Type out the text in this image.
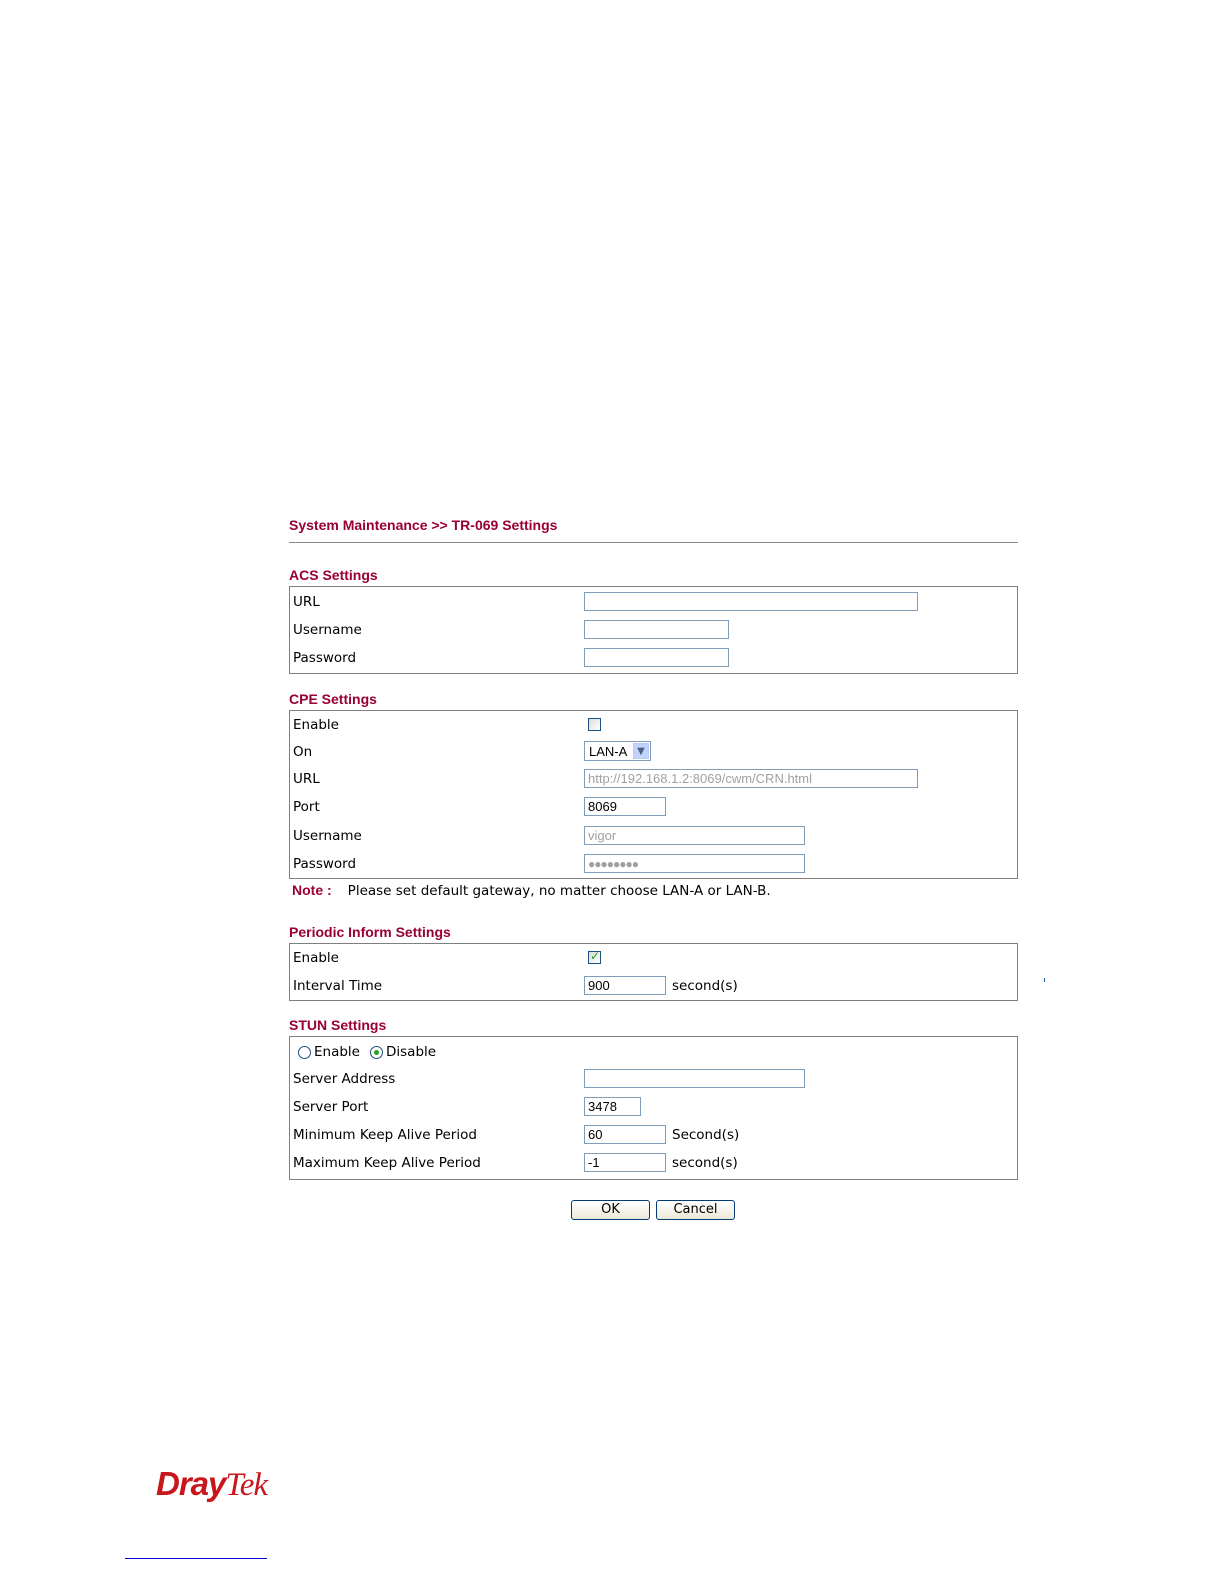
System Maintenance >> TR-069 Settings
ACS Settings
URL
Username
Password
CPE Settings
Enable
On	LAN-A ▼
URL	http://192.168.1.2:8069/cwm/CRN.html
Port	8069
Username	vigor
Password	●●●●●●●●
Note : Please set default gateway, no matter choose LAN-A or LAN-B.
Periodic Inform Settings
Enable	✓
Interval Time	900	second(s)
STUN Settings
Enable Disable
Server Address
Server Port	3478
Minimum Keep Alive Period	60	Second(s)
Maximum Keep Alive Period	-1	second(s)
OK	Cancel
DrayTek
